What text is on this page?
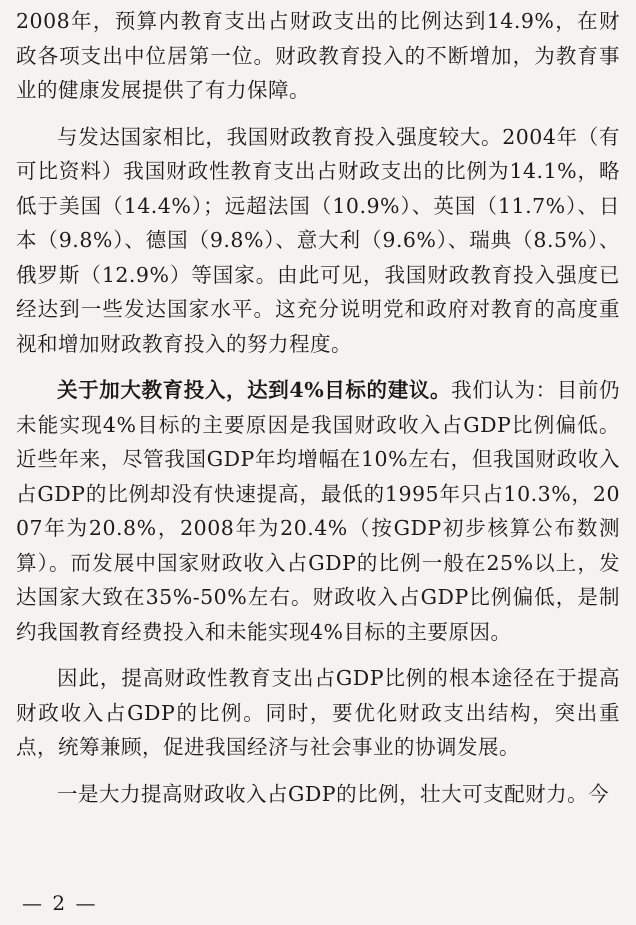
2008年，预算内教育支出占财政支出的比例达到14.9%，在财政各项支出中位居第一位。财政教育投入的不断增加，为教育事业的健康发展提供了有力保障。

与发达国家相比，我国财政教育投入强度较大。2004年（有可比资料）我国财政性教育支出占财政支出的比例为14.1%，略低于美国（14.4%）；远超法国（10.9%）、英国（11.7%）、日本（9.8%）、德国（9.8%）、意大利（9.6%）、瑞典（8.5%）、俄罗斯（12.9%）等国家。由此可见，我国财政教育投入强度已经达到一些发达国家水平。这充分说明党和政府对教育的高度重视和增加财政教育投入的努力程度。

关于加大教育投入，达到4%目标的建议。我们认为：目前仍未能实现4%目标的主要原因是我国财政收入占GDP比例偏低。近些年来，尽管我国GDP年均增幅在10%左右，但我国财政收入占GDP的比例却没有快速提高，最低的1995年只占10.3%，2007年为20.8%，2008年为20.4%（按GDP初步核算公布数测算）。而发展中国家财政收入占GDP的比例一般在25%以上，发达国家大致在35%-50%左右。财政收入占GDP比例偏低，是制约我国教育经费投入和未能实现4%目标的主要原因。

因此，提高财政性教育支出占GDP比例的根本途径在于提高财政收入占GDP的比例。同时，要优化财政支出结构，突出重点，统筹兼顾，促进我国经济与社会事业的协调发展。

一是大力提高财政收入占GDP的比例，壮大可支配财力。今

— 2 —
